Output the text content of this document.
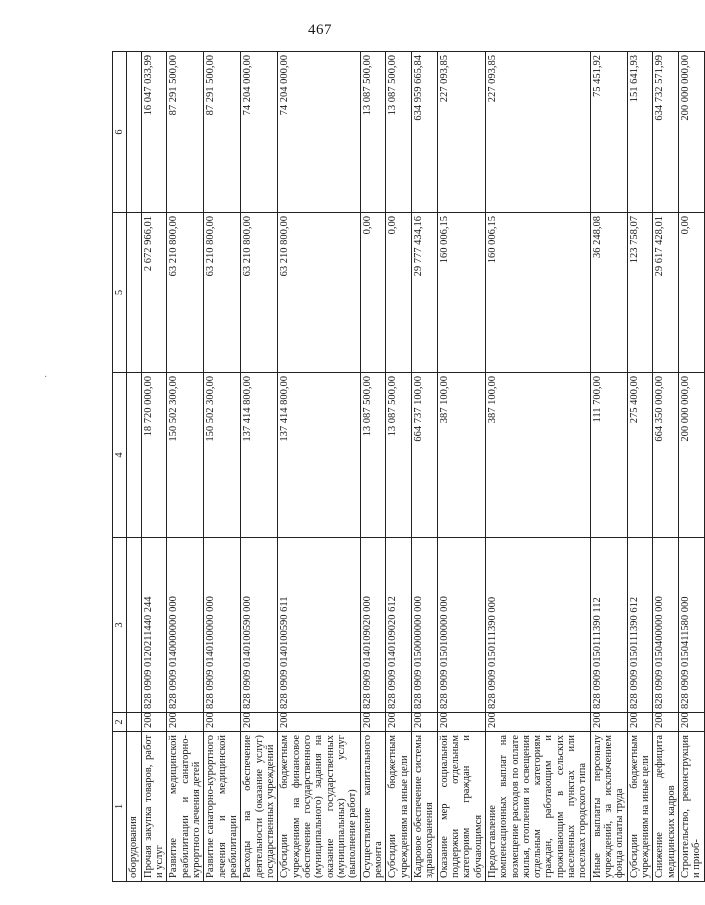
467
·
1	2	3	4	5	6
оборудования					
Прочая закупка товаров, работ и услуг	200	828 0909 0120211440 244	18 720 000,00	2 672 966,01	16 047 033,99
Развитие медицинской реабилитации и санаторно-курортного лечения детей	200	828 0909 0140000000 000	150 502 300,00	63 210 800,00	87 291 500,00
Развитие санаторно-курортного лечения и медицинской реабилитации	200	828 0909 0140100000 000	150 502 300,00	63 210 800,00	87 291 500,00
Расходы на обеспечение деятельности (оказание услуг) государственных учреждений	200	828 0909 0140100590 000	137 414 800,00	63 210 800,00	74 204 000,00
Субсидии бюджетным учреждениям на финансовое обеспечение государственного (муниципального) задания на оказание государственных (муниципальных) услуг (выполнение работ)	200	828 0909 0140100590 611	137 414 800,00	63 210 800,00	74 204 000,00
Осуществление капитального ремонта	200	828 0909 0140109020 000	13 087 500,00	0,00	13 087 500,00
Субсидии бюджетным учреждениям на иные цели	200	828 0909 0140109020 612	13 087 500,00	0,00	13 087 500,00
Кадровое обеспечение системы здравоохранения	200	828 0909 0150000000 000	664 737 100,00	29 777 434,16	634 959 665,84
Оказание мер социальной поддержки отдельным категориям граждан и обучающимся	200	828 0909 0150100000 000	387 100,00	160 006,15	227 093,85
Предоставление компенсационных выплат на возмещение расходов по оплате жилья, отопления и освещения отдельным категориям граждан, работающим и проживающим в сельских населенных пунктах или поселках городского типа	200	828 0909 0150111390 000	387 100,00	160 006,15	227 093,85
Иные выплаты персоналу учреждений, за исключением фонда оплаты труда	200	828 0909 0150111390 112	111 700,00	36 248,08	75 451,92
Субсидии бюджетным учреждениям на иные цели	200	828 0909 0150111390 612	275 400,00	123 758,07	151 641,93
Снижение дефицита медицинских кадров	200	828 0909 0150400000 000	664 350 000,00	29 617 428,01	634 732 571,99
Строительство, реконструкция и приоб-	200	828 0909 0150411580 000	200 000 000,00	0,00	200 000 000,00
